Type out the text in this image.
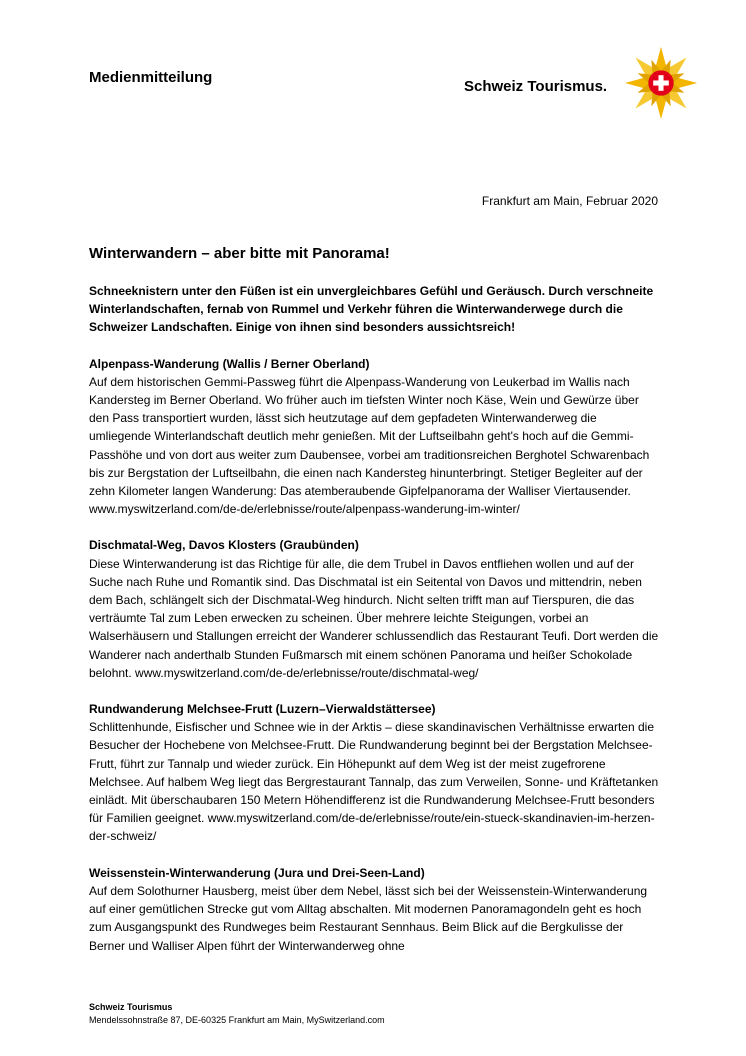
Medienmitteilung
Schweiz Tourismus.
Frankfurt am Main, Februar 2020
Winterwandern – aber bitte mit Panorama!

Schneeknistern unter den Füßen ist ein unvergleichbares Gefühl und Geräusch. Durch verschneite Winterlandschaften, fernab von Rummel und Verkehr führen die Winterwanderwege durch die Schweizer Landschaften. Einige von ihnen sind besonders aussichtsreich!

Alpenpass-Wanderung (Wallis / Berner Oberland)

Auf dem historischen Gemmi-Passweg führt die Alpenpass-Wanderung von Leukerbad im Wallis nach Kandersteg im Berner Oberland. Wo früher auch im tiefsten Winter noch Käse, Wein und Gewürze über den Pass transportiert wurden, lässt sich heutzutage auf dem gepfadeten Winterwanderweg die umliegende Winterlandschaft deutlich mehr genießen. Mit der Luftseilbahn geht's hoch auf die Gemmi-Passhöhe und von dort aus weiter zum Daubensee, vorbei am traditionsreichen Berghotel Schwarenbach bis zur Bergstation der Luftseilbahn, die einen nach Kandersteg hinunterbringt. Stetiger Begleiter auf der zehn Kilometer langen Wanderung: Das atemberaubende Gipfelpanorama der Walliser Viertausender. www.myswitzerland.com/de-de/erlebnisse/route/alpenpass-wanderung-im-winter/

Dischmatal-Weg, Davos Klosters (Graubünden)

Diese Winterwanderung ist das Richtige für alle, die dem Trubel in Davos entfliehen wollen und auf der Suche nach Ruhe und Romantik sind. Das Dischmatal ist ein Seitental von Davos und mittendrin, neben dem Bach, schlängelt sich der Dischmatal-Weg hindurch. Nicht selten trifft man auf Tierspuren, die das verträumte Tal zum Leben erwecken zu scheinen. Über mehrere leichte Steigungen, vorbei an Walserhäusern und Stallungen erreicht der Wanderer schlussendlich das Restaurant Teufi. Dort werden die Wanderer nach anderthalb Stunden Fußmarsch mit einem schönen Panorama und heißer Schokolade belohnt. www.myswitzerland.com/de-de/erlebnisse/route/dischmatal-weg/

Rundwanderung Melchsee-Frutt (Luzern–Vierwaldstättersee)

Schlittenhunde, Eisfischer und Schnee wie in der Arktis – diese skandinavischen Verhältnisse erwarten die Besucher der Hochebene von Melchsee-Frutt. Die Rundwanderung beginnt bei der Bergstation Melchsee-Frutt, führt zur Tannalp und wieder zurück. Ein Höhepunkt auf dem Weg ist der meist zugefrorene Melchsee. Auf halbem Weg liegt das Bergrestaurant Tannalp, das zum Verweilen, Sonne- und Kräftetanken einlädt. Mit überschaubaren 150 Metern Höhendifferenz ist die Rundwanderung Melchsee-Frutt besonders für Familien geeignet. www.myswitzerland.com/de-de/erlebnisse/route/ein-stueck-skandinavien-im-herzen-der-schweiz/

Weissenstein-Winterwanderung (Jura und Drei-Seen-Land)

Auf dem Solothurner Hausberg, meist über dem Nebel, lässt sich bei der Weissenstein-Winterwanderung auf einer gemütlichen Strecke gut vom Alltag abschalten. Mit modernen Panoramagondeln geht es hoch zum Ausgangspunkt des Rundweges beim Restaurant Sennhaus. Beim Blick auf die Bergkulisse der Berner und Walliser Alpen führt der Winterwanderweg ohne

Schweiz Tourismus
Mendelssohnstraße 87, DE-60325 Frankfurt am Main, MySwitzerland.com
